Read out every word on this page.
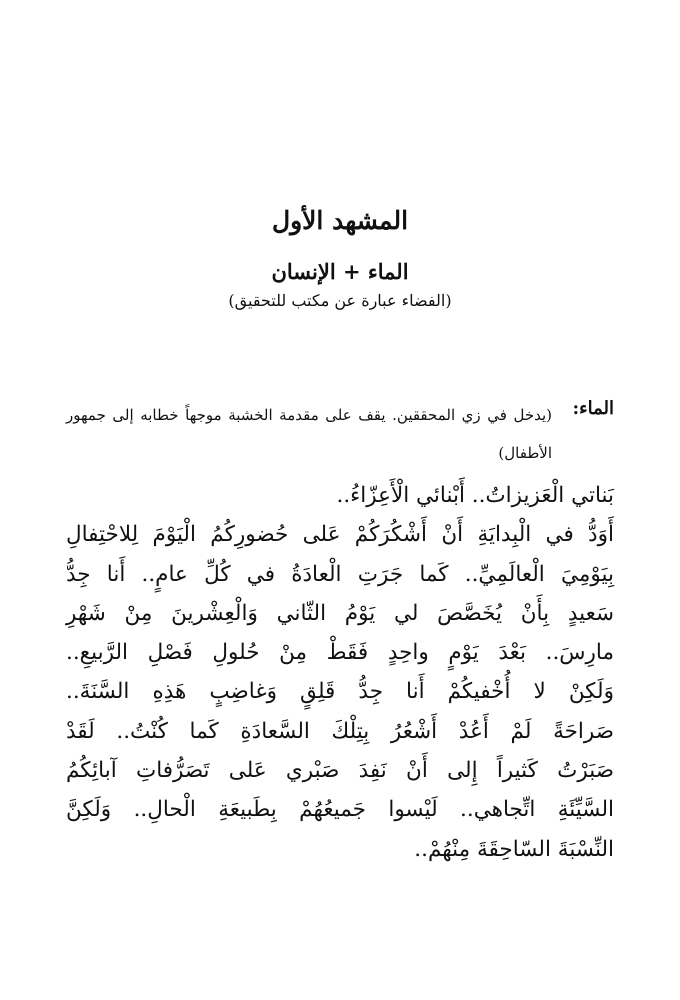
المشهد الأول
الماء + الإنسان
(الفضاء عبارة عن مكتب للتحقيق)
الماء:
(يدخل في زي المحققين. يقف على مقدمة الخشبة موجهاً خطابه إلى جمهور الأطفال)
بَناتي الْعَزيزاتُ.. أَبْنائي الْأَعِزّاءُ..
أَوَدُّ في الْبِدايَةِ أَنْ أَشْكُرَكُمْ عَلى حُضورِكُمُ الْيَوْمَ لِلاحْتِفالِ
بِيَوْمِيَ الْعالَمِيِّ.. كَما جَرَتِ الْعادَةُ في كُلِّ عامٍ.. أَنا جِدُّ
سَعيدٍ بِأَنْ يُخَصَّصَ لي يَوْمُ الثّاني وَالْعِشْرينَ مِنْ شَهْرِ
مارِسَ.. بَعْدَ يَوْمٍ واحِدٍ فَقَطْ مِنْ حُلولِ فَصْلِ الرَّبيعِ..
وَلَكِنْ لا أُخْفيكُمْ أَنا جِدُّ قَلِقٍ وَغاضِبٍ هَذِهِ السَّنَةَ..
صَراحَةً لَمْ أَعُدْ أَشْعُرُ بِتِلْكَ السَّعادَةِ كَما كُنْتُ.. لَقَدْ
صَبَرْتُ كَثيراً إِلى أَنْ نَفِدَ صَبْري عَلى تَصَرُّفاتِ آبائِكُمُ
السَّيِّئَةِ اتِّجاهي.. لَيْسوا جَميعُهُمْ بِطَبيعَةِ الْحالِ.. وَلَكِنَّ
النِّسْبَةَ السّاحِقَةَ مِنْهُمْ..
